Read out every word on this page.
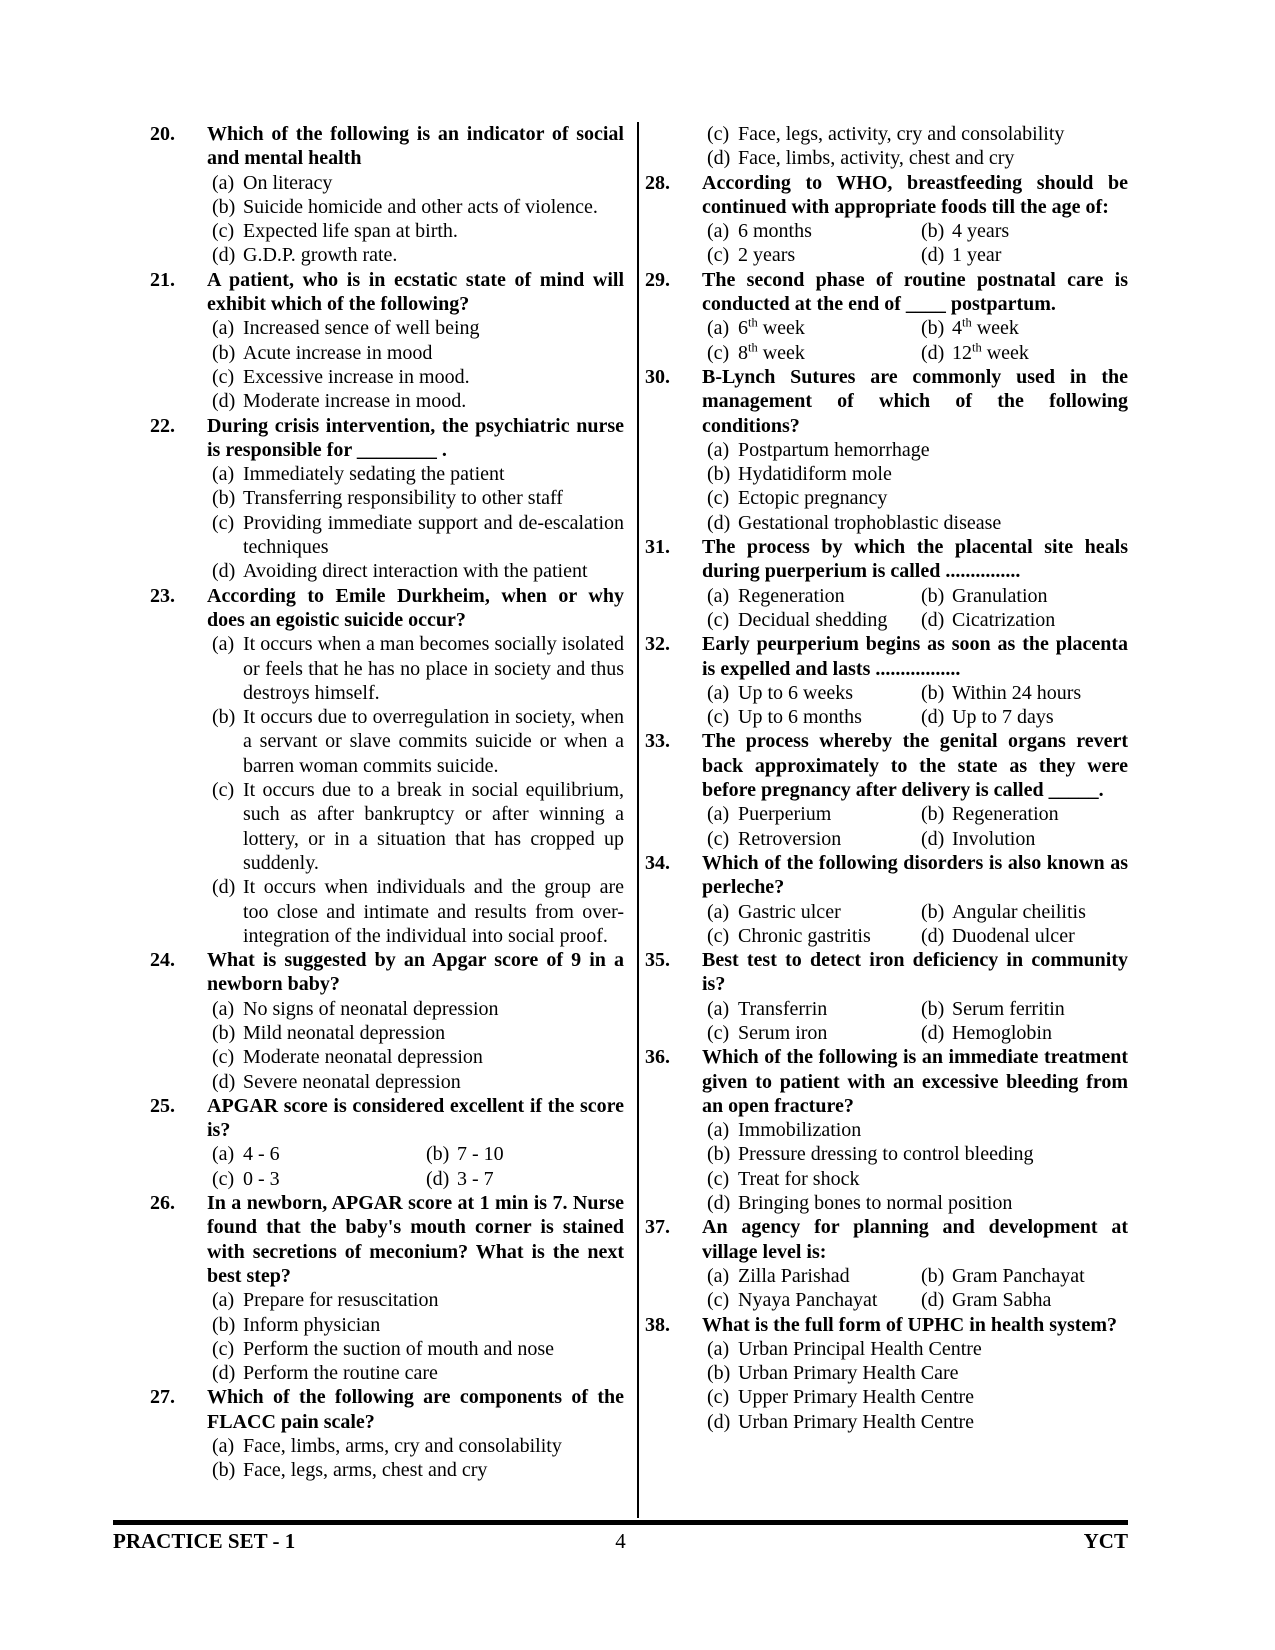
20.	Which of the following is an indicator of social and mental health
(a) On literacy
(b) Suicide homicide and other acts of violence.
(c) Expected life span at birth.
(d) G.D.P. growth rate.
21.	A patient, who is in ecstatic state of mind will exhibit which of the following?
(a) Increased sence of well being
(b) Acute increase in mood
(c) Excessive increase in mood.
(d) Moderate increase in mood.
22.	During crisis intervention, the psychiatric nurse is responsible for ________ .
(a) Immediately sedating the patient
(b) Transferring responsibility to other staff
(c) Providing immediate support and de-escalation techniques
(d) Avoiding direct interaction with the patient
23.	According to Emile Durkheim, when or why does an egoistic suicide occur?
(a) It occurs when a man becomes socially isolated or feels that he has no place in society and thus destroys himself.
(b) It occurs due to overregulation in society, when a servant or slave commits suicide or when a barren woman commits suicide.
(c) It occurs due to a break in social equilibrium, such as after bankruptcy or after winning a lottery, or in a situation that has cropped up suddenly.
(d) It occurs when individuals and the group are too close and intimate and results from over-integration of the individual into social proof.
24.	What is suggested by an Apgar score of 9 in a newborn baby?
(a) No signs of neonatal depression
(b) Mild neonatal depression
(c) Moderate neonatal depression
(d) Severe neonatal depression
25.	APGAR score is considered excellent if the score is?
(a) 4 - 6	(b) 7 - 10
(c) 0 - 3	(d) 3 - 7
26.	In a newborn, APGAR score at 1 min is 7. Nurse found that the baby's mouth corner is stained with secretions of meconium? What is the next best step?
(a) Prepare for resuscitation
(b) Inform physician
(c) Perform the suction of mouth and nose
(d) Perform the routine care
27.	Which of the following are components of the FLACC pain scale?
(a) Face, limbs, arms, cry and consolability
(b) Face, legs, arms, chest and cry
(c) Face, legs, activity, cry and consolability
(d) Face, limbs, activity, chest and cry
28.	According to WHO, breastfeeding should be continued with appropriate foods till the age of:
(a) 6 months	(b) 4 years
(c) 2 years	(d) 1 year
29.	The second phase of routine postnatal care is conducted at the end of ____ postpartum.
(a) 6th week	(b) 4th week
(c) 8th week	(d) 12th week
30.	B-Lynch Sutures are commonly used in the management of which of the following conditions?
(a) Postpartum hemorrhage
(b) Hydatidiform mole
(c) Ectopic pregnancy
(d) Gestational trophoblastic disease
31.	The process by which the placental site heals during puerperium is called ...............
(a) Regeneration	(b) Granulation
(c) Decidual shedding	(d) Cicatrization
32.	Early peurperium begins as soon as the placenta is expelled and lasts .................
(a) Up to 6 weeks	(b) Within 24 hours
(c) Up to 6 months	(d) Up to 7 days
33.	The process whereby the genital organs revert back approximately to the state as they were before pregnancy after delivery is called _____.
(a) Puerperium	(b) Regeneration
(c) Retroversion	(d) Involution
34.	Which of the following disorders is also known as perleche?
(a) Gastric ulcer	(b) Angular cheilitis
(c) Chronic gastritis	(d) Duodenal ulcer
35.	Best test to detect iron deficiency in community is?
(a) Transferrin	(b) Serum ferritin
(c) Serum iron	(d) Hemoglobin
36.	Which of the following is an immediate treatment given to patient with an excessive bleeding from an open fracture?
(a) Immobilization
(b) Pressure dressing to control bleeding
(c) Treat for shock
(d) Bringing bones to normal position
37.	An agency for planning and development at village level is:
(a) Zilla Parishad	(b) Gram Panchayat
(c) Nyaya Panchayat	(d) Gram Sabha
38.	What is the full form of UPHC in health system?
(a) Urban Principal Health Centre
(b) Urban Primary Health Care
(c) Upper Primary Health Centre
(d) Urban Primary Health Centre
PRACTICE SET - 1	4	YCT
